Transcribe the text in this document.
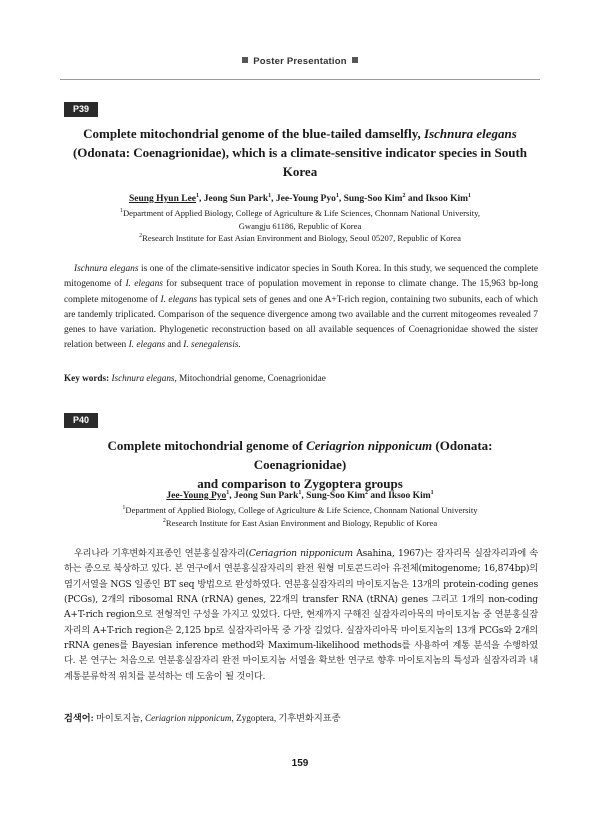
Poster Presentation
P39
Complete mitochondrial genome of the blue-tailed damselfly, Ischnura elegans (Odonata: Coenagrionidae), which is a climate-sensitive indicator species in South Korea
Seung Hyun Lee$^1$, Jeong Sun Park$^1$, Jee-Young Pyo$^1$, Sung-Soo Kim$^2$ and Iksoo Kim$^1$
$^1$Department of Applied Biology, College of Agriculture & Life Sciences, Chonnam National University,
Gwangju 61186, Republic of Korea
$^2$Research Institute for East Asian Environment and Biology, Seoul 05207, Republic of Korea

Ischnura elegans is one of the climate-sensitive indicator species in South Korea. In this study, we sequenced the complete mitogenome of I. elegans for subsequent trace of population movement in reponse to climate change. The 15,963 bp-long complete mitogenome of I. elegans has typical sets of genes and one A+T-rich region, containing two subunits, each of which are tandemly triplicated. Comparison of the sequence divergence among two available and the current mitogeomes revealed 7 genes to have variation. Phylogenetic reconstruction based on all available sequences of Coenagrionidae showed the sister relation between I. elegans and I. senegalensis.

Key words: Ischnura elegans, Mitochondrial genome, Coenagrionidae
P40
Complete mitochondrial genome of Ceriagrion nipponicum (Odonata: Coenagrionidae)
and comparison to Zygoptera groups
Jee-Young Pyo$^1$, Jeong Sun Park$^1$, Sung-Soo Kim$^2$ and Iksoo Kim$^1$
$^1$Department of Applied Biology, College of Agriculture & Life Science, Chonnam National University
$^2$Research Institute for East Asian Environment and Biology, Republic of Korea

우리나라 기후변화지표종인 연분홍실잠자리(Ceriagrion nipponicum Asahina, 1967)는 잠자리목 실잠자리과에 속하는 종으로 북상하고 있다. 본 연구에서 연분홍실잠자리의 완전 원형 미토콘드리아 유전체(mitogenome; 16,874bp)의 염기서열을 NGS 일종인 BT seq 방법으로 완성하였다. 연분홍실잠자리의 마이토지놈은 13개의 protein-coding genes (PCGs), 2개의 ribosomal RNA (rRNA) genes, 22개의 transfer RNA (tRNA) genes 그리고 1개의 non-coding A+T-rich region으로 전형적인 구성을 가지고 있었다. 다만, 현재까지 구해진 실잠자리아목의 마이토지놈 중 연분홍실잠자리의 A+T-rich region은 2,125 bp로 실잠자리아목 중 가장 길었다. 실잠자리아목 마이토지놈의 13개 PCGs와 2개의 rRNA genes를 Bayesian inference method와 Maximum-likelihood methods를 사용하여 계통 분석을 수행하였다. 본 연구는 처음으로 연분홍실잠자리 완전 마이토지놈 서열을 확보한 연구로 향후 마이토지놈의 특성과 실잠자리과 내 계통분류학적 위치를 분석하는 데 도움이 될 것이다.

검색어: 마이토지놈, Ceriagrion nipponicum, Zygoptera, 기후변화지표종
159
